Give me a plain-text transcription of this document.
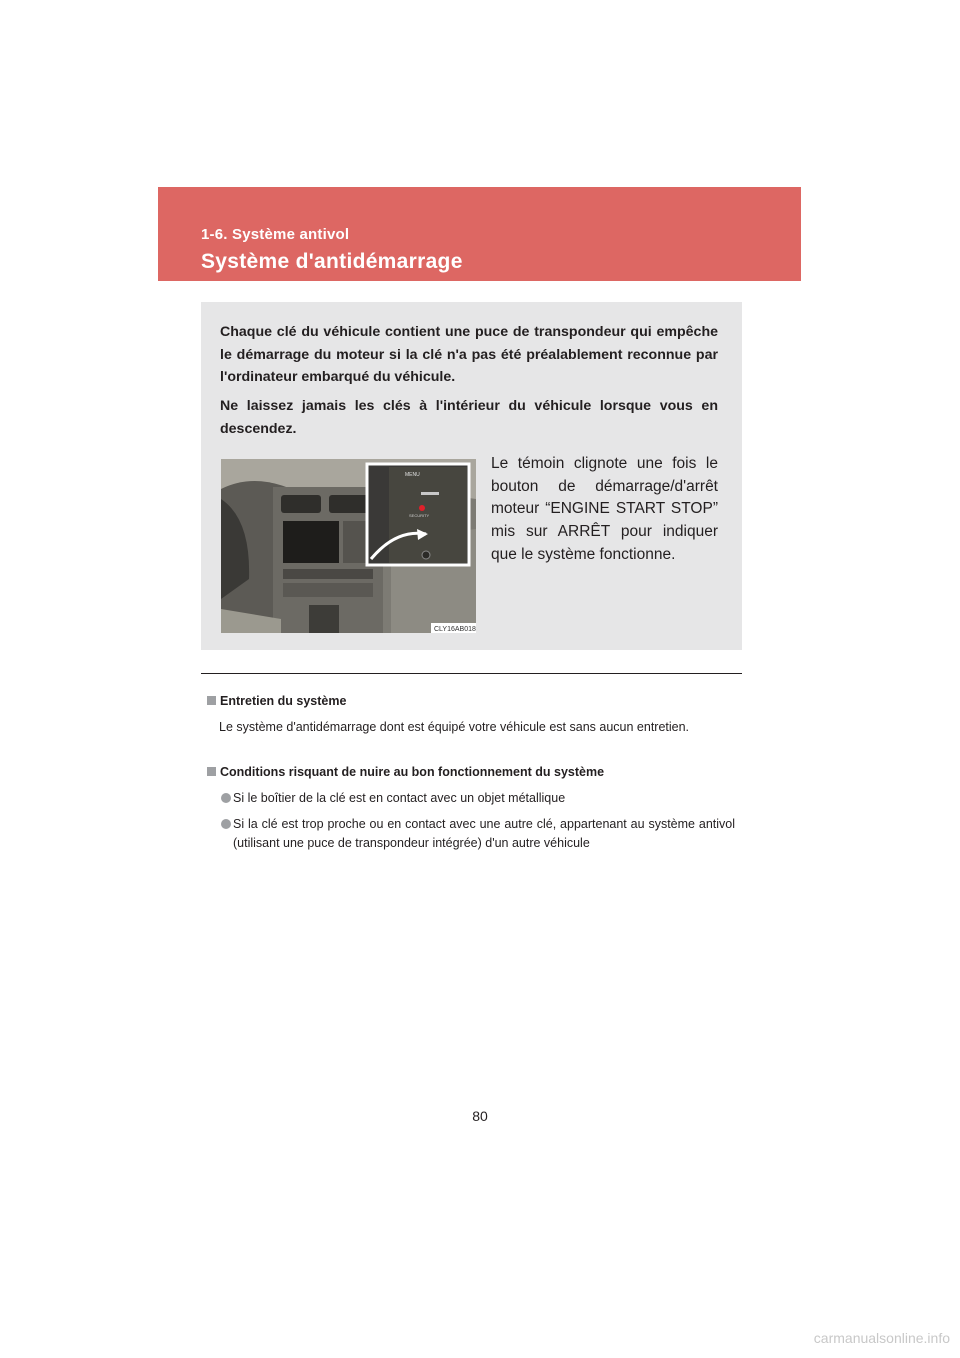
1-6. Système antivol
Système d'antidémarrage

Chaque clé du véhicule contient une puce de transpondeur qui empêche le démarrage du moteur si la clé n'a pas été préalablement reconnue par l'ordinateur embarqué du véhicule.

Ne laissez jamais les clés à l'intérieur du véhicule lorsque vous en descendez.

MENU
SECURITY
CLY16AB018

Le témoin clignote une fois le bouton de démarrage/d'arrêt moteur “ENGINE START STOP” mis sur ARRÊT pour indiquer que le système fonctionne.

Entretien du système

Le système d'antidémarrage dont est équipé votre véhicule est sans aucun entretien.

Conditions risquant de nuire au bon fonctionnement du système

Si le boîtier de la clé est en contact avec un objet métallique

Si la clé est trop proche ou en contact avec une autre clé, appartenant au système antivol (utilisant une puce de transpondeur intégrée) d'un autre véhicule

80
carmanualsonline.info
